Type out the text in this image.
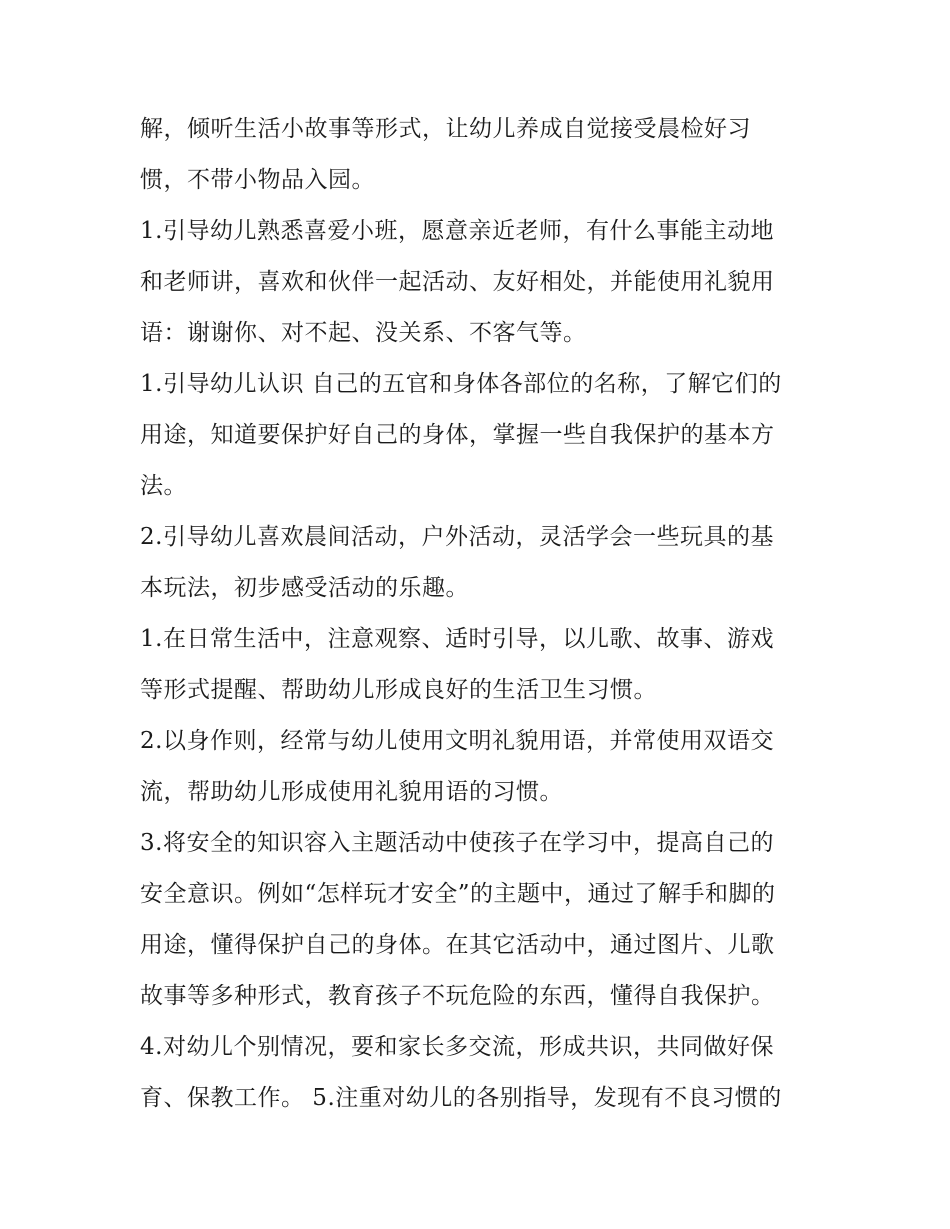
解，倾听生活小故事等形式，让幼儿养成自觉接受晨检好习
惯，不带小物品入园。
1.引导幼儿熟悉喜爱小班，愿意亲近老师，有什么事能主动地
和老师讲，喜欢和伙伴一起活动、友好相处，并能使用礼貌用
语：谢谢你、对不起、没关系、不客气等。
1.引导幼儿认识 自己的五官和身体各部位的名称，了解它们的
用途，知道要保护好自己的身体，掌握一些自我保护的基本方
法。
2.引导幼儿喜欢晨间活动，户外活动，灵活学会一些玩具的基
本玩法，初步感受活动的乐趣。
1.在日常生活中，注意观察、适时引导，以儿歌、故事、游戏
等形式提醒、帮助幼儿形成良好的生活卫生习惯。
2.以身作则，经常与幼儿使用文明礼貌用语，并常使用双语交
流，帮助幼儿形成使用礼貌用语的习惯。
3.将安全的知识容入主题活动中使孩子在学习中，提高自己的
安全意识。例如“怎样玩才安全”的主题中，通过了解手和脚的
用途，懂得保护自己的身体。在其它活动中，通过图片、儿歌
故事等多种形式，教育孩子不玩危险的东西，懂得自我保护。
4.对幼儿个别情况，要和家长多交流，形成共识，共同做好保
育、保教工作。 5.注重对幼儿的各别指导，发现有不良习惯的
